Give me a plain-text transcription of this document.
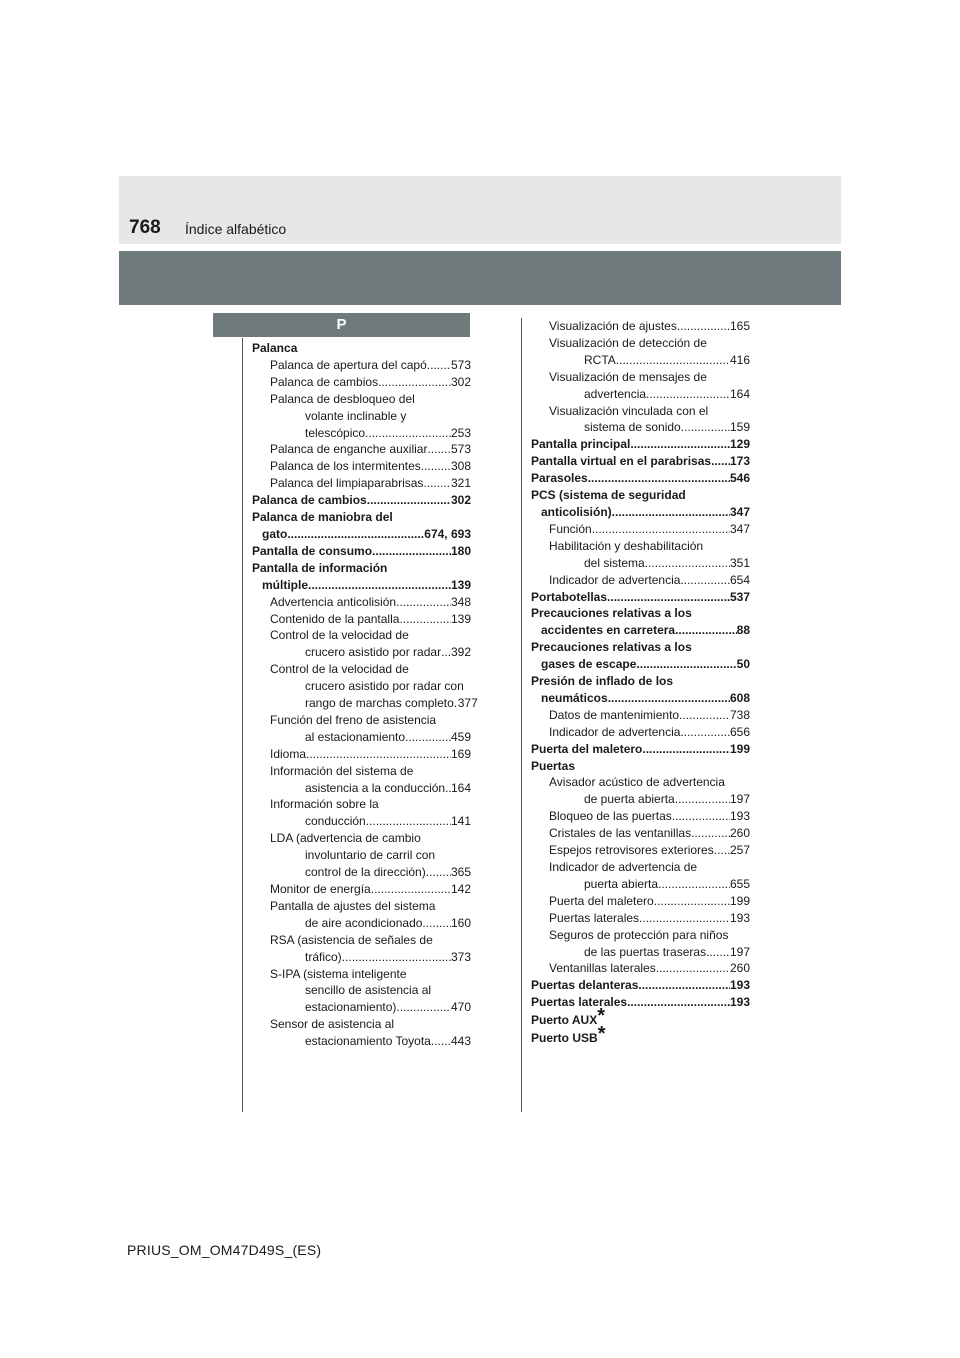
768 Índice alfabético
P
Palanca
Palanca de apertura del capó ..... 573
Palanca de cambios .....	302
Palanca de desbloqueo del
volante inclinable y
telescópico .....	253
Palanca de enganche auxiliar ..... 573
Palanca de los intermitentes .....	308
Palanca del limpiaparabrisas ..... 321
Palanca de cambios .....	302
Palanca de maniobra del
gato .....	674, 693
Pantalla de consumo .....	180
Pantalla de información
múltiple .....	139
Advertencia anticolisión .....	348
Contenido de la pantalla .....	139
Control de la velocidad de
crucero asistido por radar ..... 392
Control de la velocidad de
crucero asistido por radar con
rango de marchas completo ..... 377
Función del freno de asistencia
al estacionamiento .....	459
Idioma .....	169
Información del sistema de
asistencia a la conducción ..... 164
Información sobre la
conducción .....	141
LDA (advertencia de cambio
involuntario de carril con
control de la dirección) ..... 365
Monitor de energía .....	142
Pantalla de ajustes del sistema
de aire acondicionado ..... 160
RSA (asistencia de señales de
tráfico) .....	373
S-IPA (sistema inteligente
sencillo de asistencia al
estacionamiento) .....	470
Sensor de asistencia al
estacionamiento Toyota ..... 443
Visualización de ajustes .....	165
Visualización de detección de
RCTA .....	416
Visualización de mensajes de
advertencia .....	164
Visualización vinculada con el
sistema de sonido .....	159
Pantalla principal .....	129
Pantalla virtual en el parabrisas ..... 173
Parasoles .....	546
PCS (sistema de seguridad
anticolisión) .....	347
Función .....	347
Habilitación y deshabilitación
del sistema .....	351
Indicador de advertencia .....	654
Portabotellas .....	537
Precauciones relativas a los
accidentes en carretera .....	88
Precauciones relativas a los
gases de escape .....	50
Presión de inflado de los
neumáticos .....	608
Datos de mantenimiento .....	738
Indicador de advertencia .....	656
Puerta del maletero .....	199
Puertas
Avisador acústico de advertencia
de puerta abierta .....	197
Bloqueo de las puertas .....	193
Cristales de las ventanillas .....	260
Espejos retrovisores exteriores ..... 257
Indicador de advertencia de
puerta abierta .....	655
Puerta del maletero .....	199
Puertas laterales .....	193
Seguros de protección para niños
de las puertas traseras ..... 197
Ventanillas laterales .....	260
Puertas delanteras .....	193
Puertas laterales .....	193
Puerto AUX*
Puerto USB*
PRIUS_OM_OM47D49S_(ES)
